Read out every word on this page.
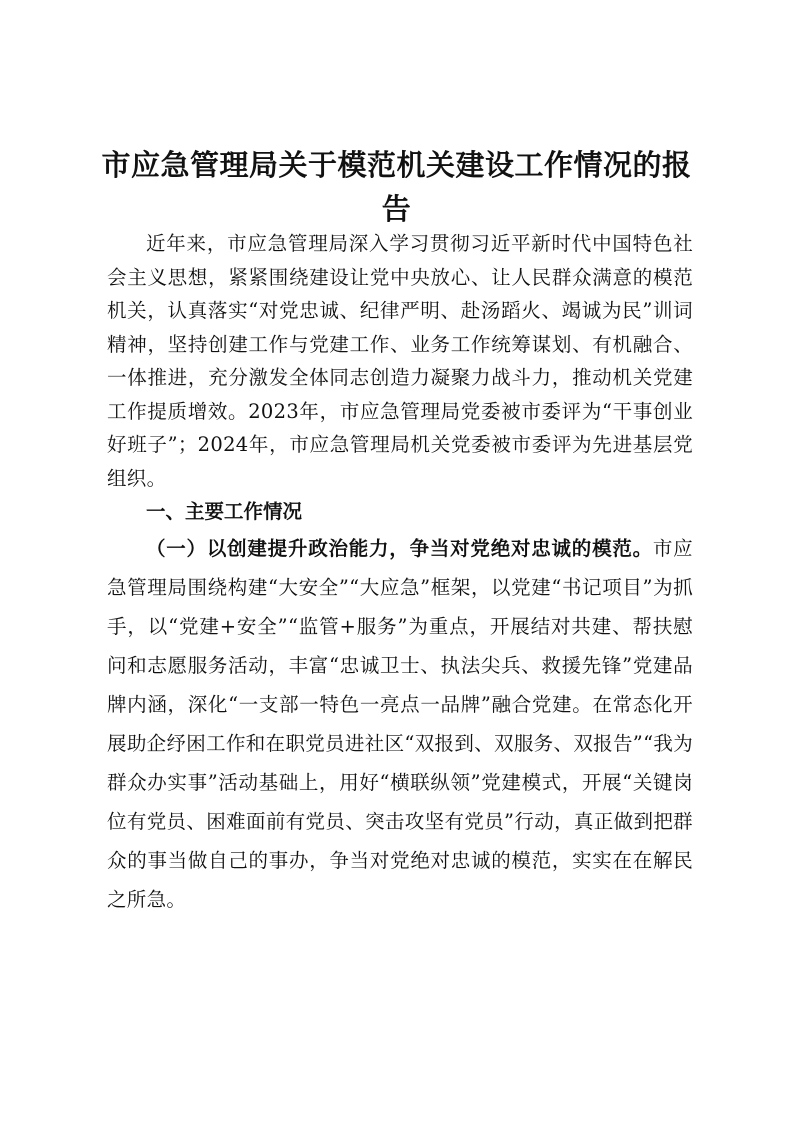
市应急管理局关于模范机关建设工作情况的报告

近年来，市应急管理局深入学习贯彻习近平新时代中国特色社会主义思想，紧紧围绕建设让党中央放心、让人民群众满意的模范机关，认真落实“对党忠诚、纪律严明、赴汤蹈火、竭诚为民”训词精神，坚持创建工作与党建工作、业务工作统筹谋划、有机融合、一体推进，充分激发全体同志创造力凝聚力战斗力，推动机关党建工作提质增效。2023年，市应急管理局党委被市委评为“干事创业好班子”；2024年，市应急管理局机关党委被市委评为先进基层党组织。

一、主要工作情况

（一）以创建提升政治能力，争当对党绝对忠诚的模范。市应急管理局围绕构建“大安全”“大应急”框架，以党建“书记项目”为抓手，以“党建+安全”“监管+服务”为重点，开展结对共建、帮扶慰问和志愿服务活动，丰富“忠诚卫士、执法尖兵、救援先锋”党建品牌内涵，深化“一支部一特色一亮点一品牌”融合党建。在常态化开展助企纾困工作和在职党员进社区“双报到、双服务、双报告”“我为群众办实事”活动基础上，用好“横联纵领”党建模式，开展“关键岗位有党员、困难面前有党员、突击攻坚有党员”行动，真正做到把群众的事当做自己的事办，争当对党绝对忠诚的模范，实实在在解民之所急。
